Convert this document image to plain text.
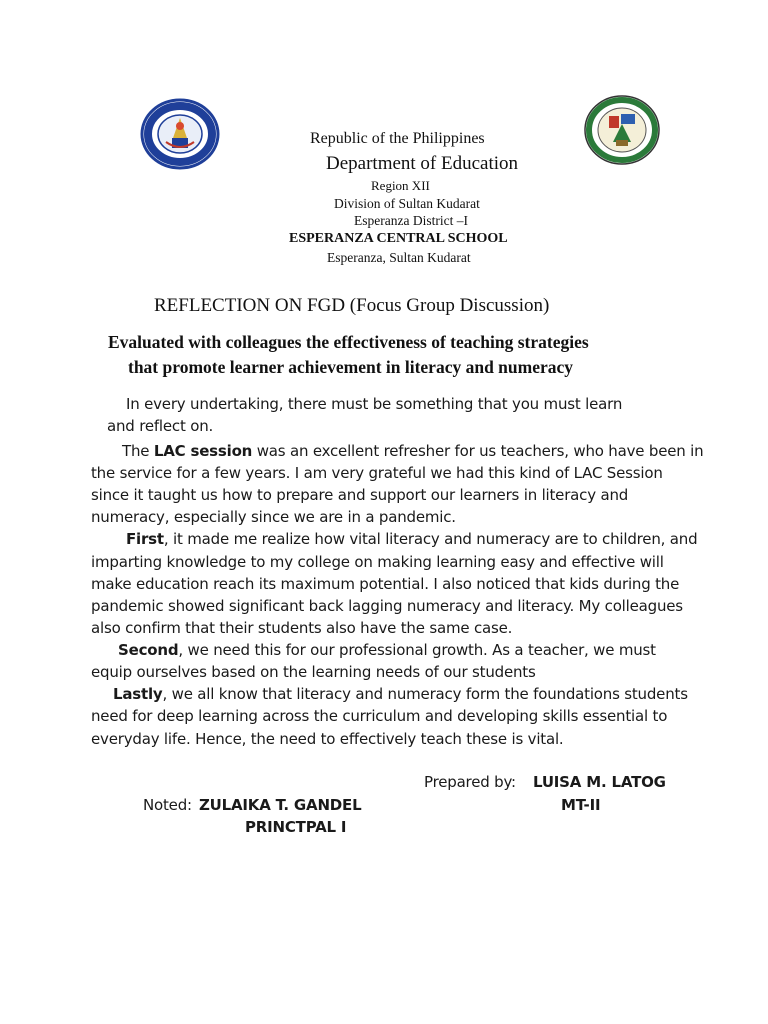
Republic of the Philippines
Department of Education
Region XII
Division of Sultan Kudarat
Esperanza District –I
ESPERANZA CENTRAL SCHOOL
Esperanza, Sultan Kudarat
REFLECTION ON FGD (Focus Group Discussion)
Evaluated with colleagues the effectiveness of teaching strategies
that promote learner achievement in literacy and numeracy
In every undertaking, there must be something that you must learn
and reflect on.
The LAC session was an excellent refresher for us teachers, who have been in
the service for a few years. I am very grateful we had this kind of LAC Session
since it taught us how to prepare and support our learners in literacy and
numeracy, especially since we are in a pandemic.
First, it made me realize how vital literacy and numeracy are to children, and
imparting knowledge to my college on making learning easy and effective will
make education reach its maximum potential. I also noticed that kids during the
pandemic showed significant back lagging numeracy and literacy. My colleagues
also confirm that their students also have the same case.
Second, we need this for our professional growth. As a teacher, we must
equip ourselves based on the learning needs of our students
Lastly, we all know that literacy and numeracy form the foundations students
need for deep learning across the curriculum and developing skills essential to
everyday life. Hence, the need to effectively teach these is vital.
Prepared by: LUISA M. LATOG
MT-II
Noted: ZULAIKA T. GANDEL
PRINCTPAL I
